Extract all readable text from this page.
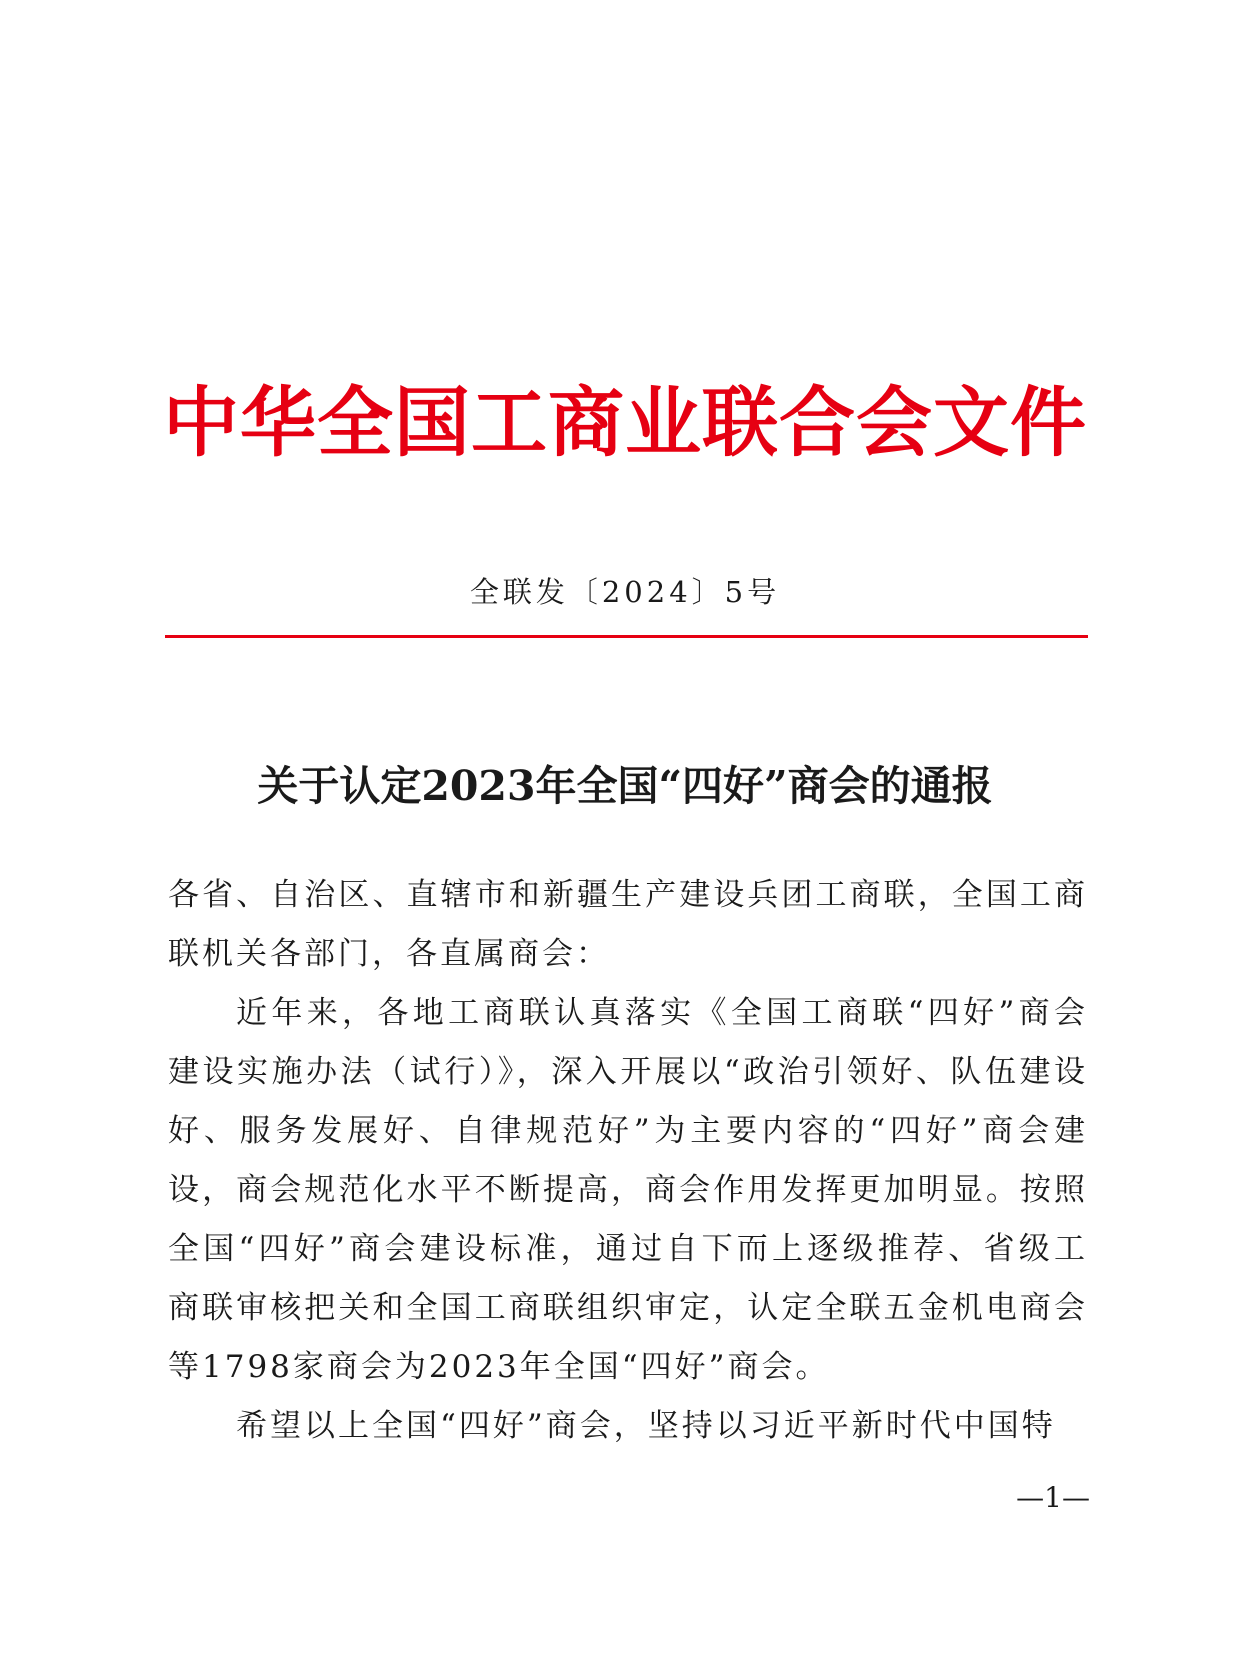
中华全国工商业联合会文件
全联发〔2024〕5号
关于认定2023年全国“四好”商会的通报

各省、自治区、直辖市和新疆生产建设兵团工商联，全国工商联机关各部门，各直属商会：

近年来，各地工商联认真落实《全国工商联“四好”商会建设实施办法（试行）》，深入开展以“政治引领好、队伍建设好、服务发展好、自律规范好”为主要内容的“四好”商会建设，商会规范化水平不断提高，商会作用发挥更加明显。按照全国“四好”商会建设标准，通过自下而上逐级推荐、省级工商联审核把关和全国工商联组织审定，认定全联五金机电商会等1798家商会为2023年全国“四好”商会。

希望以上全国“四好”商会，坚持以习近平新时代中国特

—1—
